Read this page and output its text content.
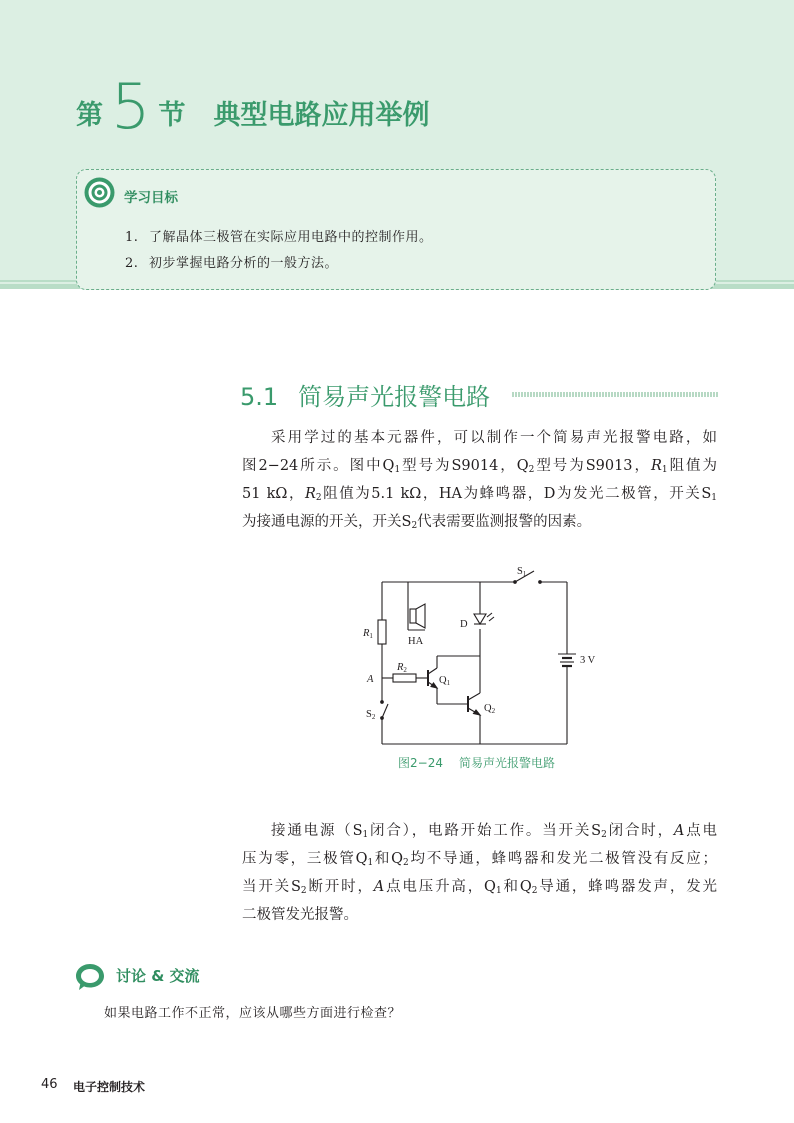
第 5 节 典型电路应用举例
学习目标
1. 了解晶体三极管在实际应用电路中的控制作用。
2. 初步掌握电路分析的一般方法。
5.1 简易声光报警电路
采用学过的基本元器件，可以制作一个简易声光报警电路，如
图2−24所示。图中$Q_1$型号为S9014，$Q_2$型号为S9013，$R_1$阻值为
51 kΩ，$R_2$阻值为5.1 kΩ，HA为蜂鸣器，D为发光二极管，开关$S_1$
为接通电源的开关，开关$S_2$代表需要监测报警的因素。
S1
R1	HA
D
3 V
R2
A	Q1
S2
Q2
图2−24 简易声光报警电路
接通电源（$S_1$闭合），电路开始工作。当开关$S_2$闭合时，A点电
压为零，三极管$Q_1$和$Q_2$均不导通，蜂鸣器和发光二极管没有反应；
当开关$S_2$断开时，A点电压升高，$Q_1$和$Q_2$导通，蜂鸣器发声，发光
二极管发光报警。
讨论 & 交流
如果电路工作不正常，应该从哪些方面进行检查？
46 电子控制技术
